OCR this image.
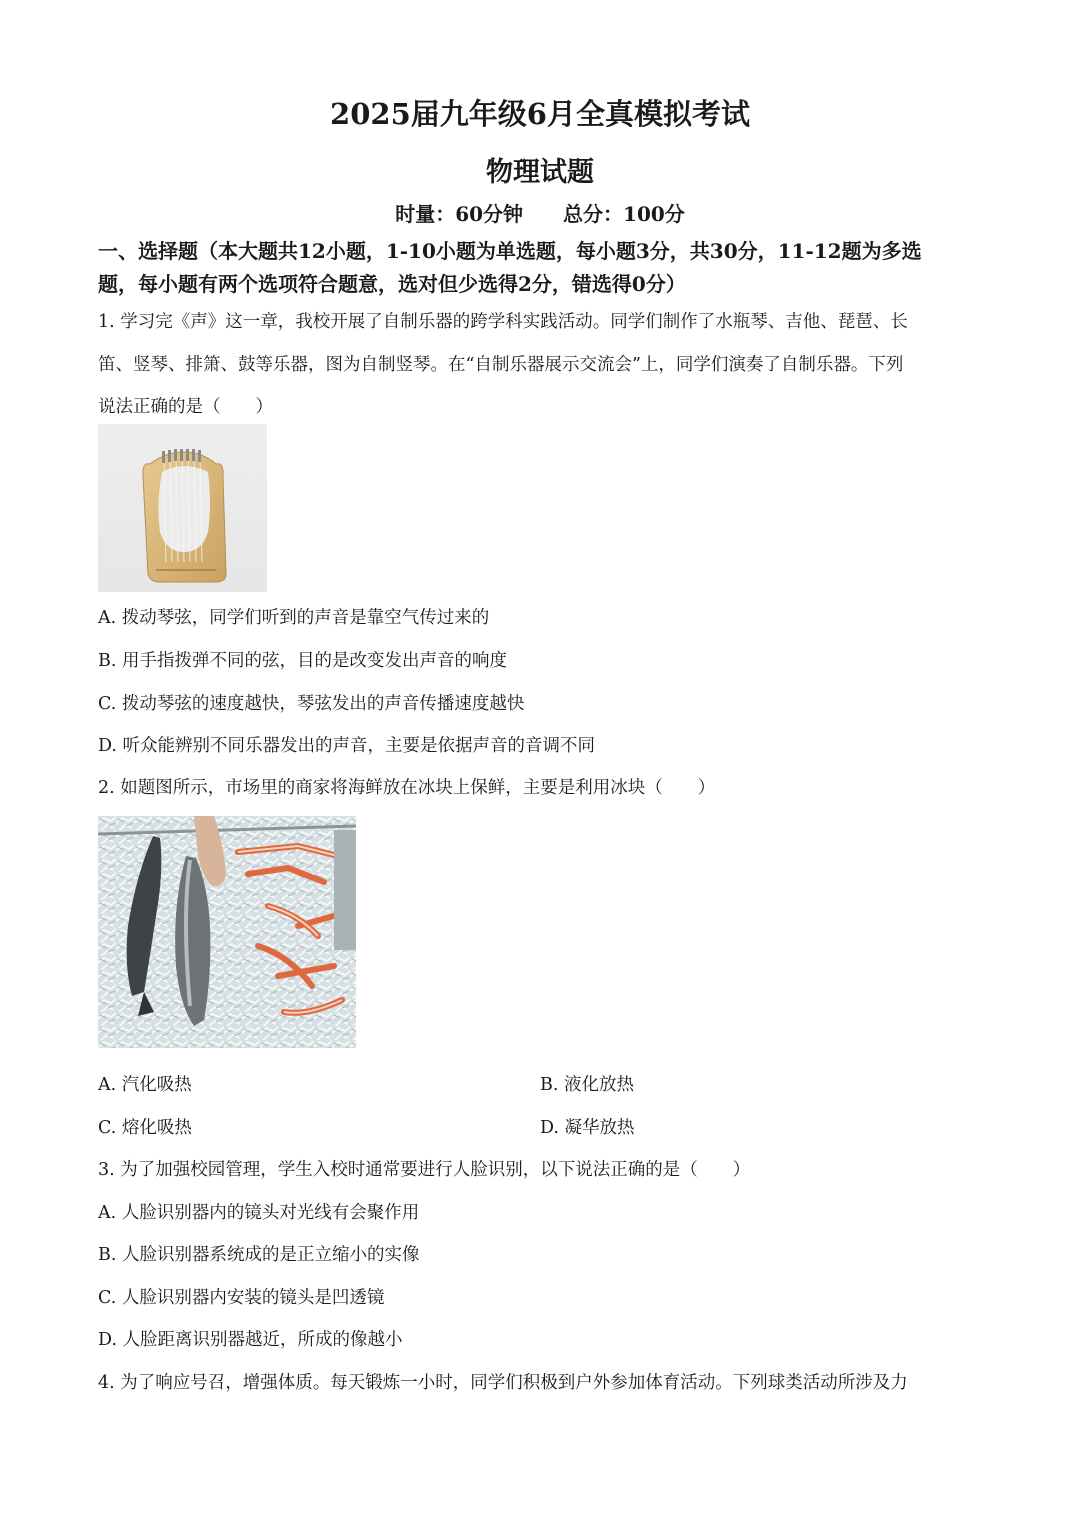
2025届九年级6月全真模拟考试
物理试题
时量：60分钟 总分：100分
一、选择题（本大题共12小题，1-10小题为单选题，每小题3分，共30分，11-12题为多选
题，每小题有两个选项符合题意，选对但少选得2分，错选得0分）
1. 学习完《声》这一章，我校开展了自制乐器的跨学科实践活动。同学们制作了水瓶琴、吉他、琵琶、长
笛、竖琴、排箫、鼓等乐器，图为自制竖琴。在“自制乐器展示交流会”上，同学们演奏了自制乐器。下列
说法正确的是（　　）
A. 拨动琴弦，同学们听到的声音是靠空气传过来的
B. 用手指拨弹不同的弦，目的是改变发出声音的响度
C. 拨动琴弦的速度越快，琴弦发出的声音传播速度越快
D. 听众能辨别不同乐器发出的声音，主要是依据声音的音调不同
2. 如题图所示，市场里的商家将海鲜放在冰块上保鲜，主要是利用冰块（　　）
A. 汽化吸热	B. 液化放热
C. 熔化吸热	D. 凝华放热
3. 为了加强校园管理，学生入校时通常要进行人脸识别，以下说法正确的是（　　）
A. 人脸识别器内的镜头对光线有会聚作用
B. 人脸识别器系统成的是正立缩小的实像
C. 人脸识别器内安装的镜头是凹透镜
D. 人脸距离识别器越近，所成的像越小
4. 为了响应号召，增强体质。每天锻炼一小时，同学们积极到户外参加体育活动。下列球类活动所涉及力
